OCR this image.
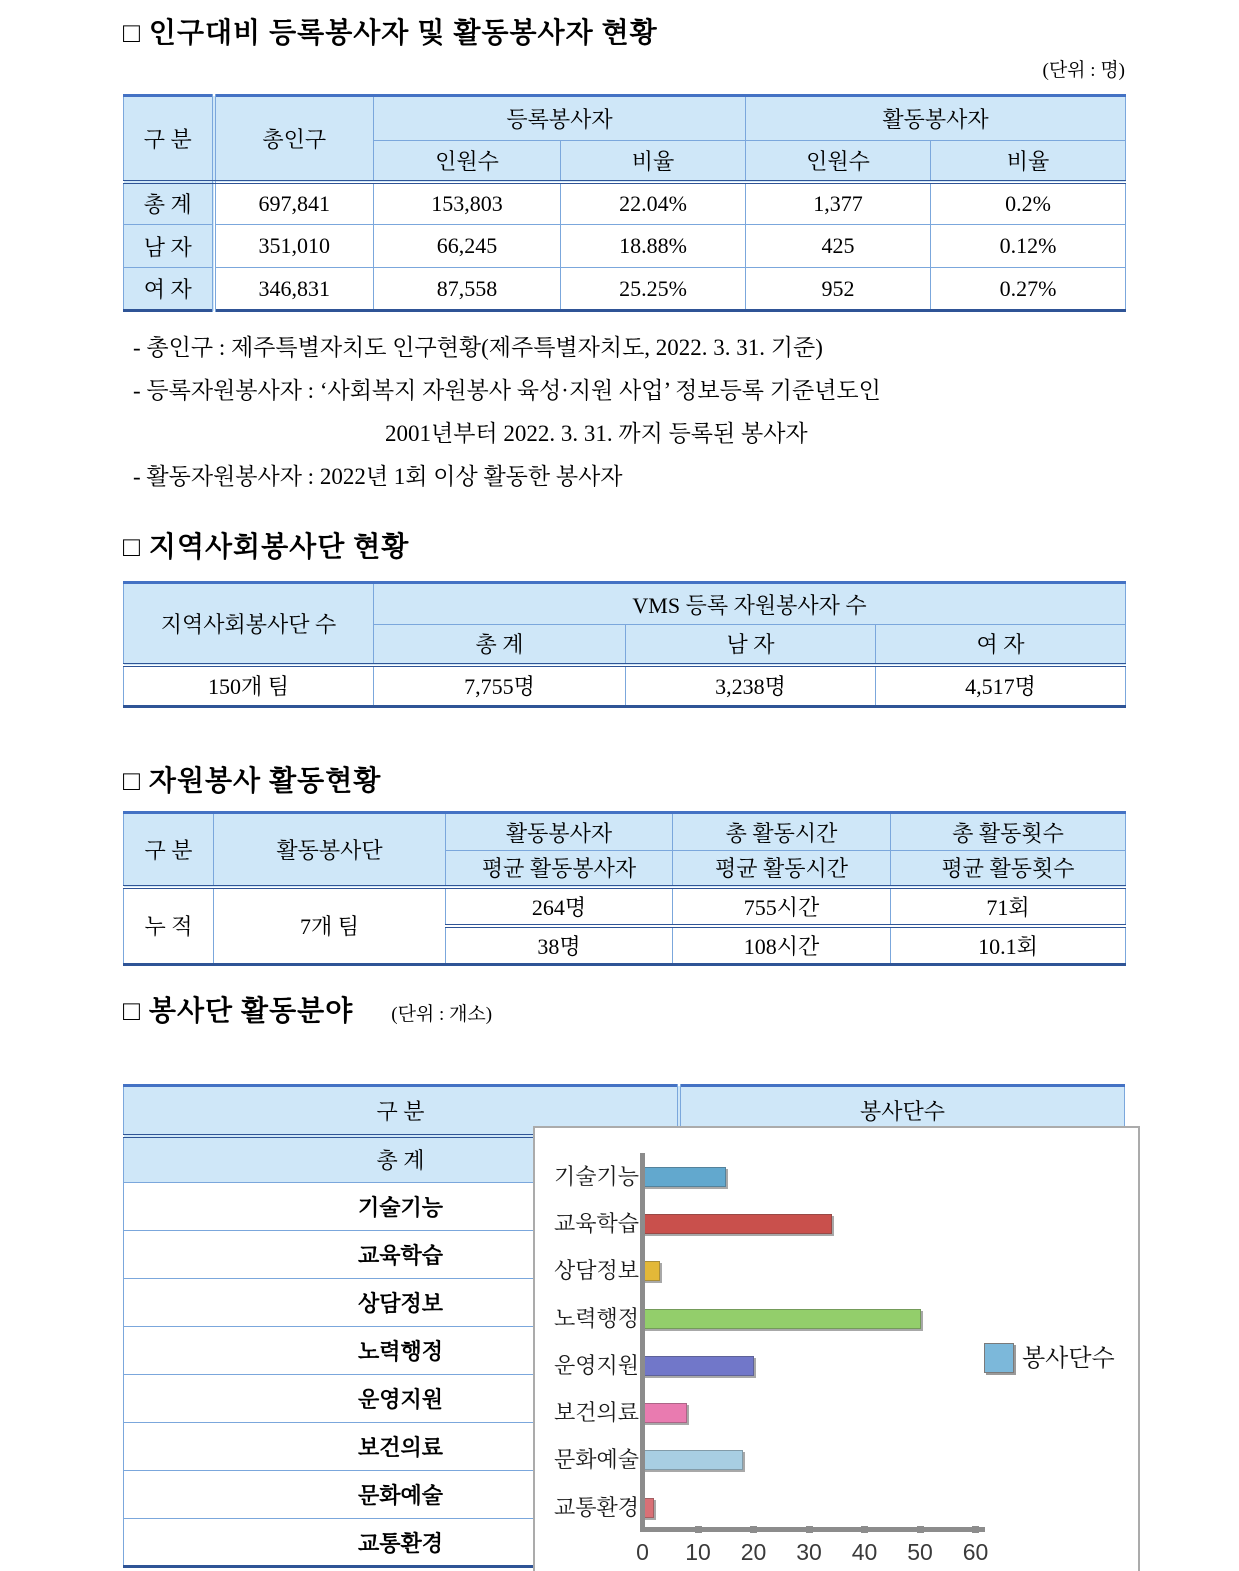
□ 인구대비 등록봉사자 및 활동봉사자 현황
(단위 : 명)
구 분	총인구	등록봉사자		활동봉사자	
		인원수	비율	인원수	비율
총 계	697,841	153,803	22.04%	1,377	0.2%
남 자	351,010	66,245	18.88%	425	0.12%
여 자	346,831	87,558	25.25%	952	0.27%
- 총인구 : 제주특별자치도 인구현황(제주특별자치도, 2022. 3. 31. 기준)
- 등록자원봉사자 : ‘사회복지 자원봉사 육성·지원 사업’ 정보등록 기준년도인
2001년부터 2022. 3. 31. 까지 등록된 봉사자
- 활동자원봉사자 : 2022년 1회 이상 활동한 봉사자
□ 지역사회봉사단 현황
지역사회봉사단 수	VMS 등록 자원봉사자 수		
	총 계	남 자	여 자
150개 팀	7,755명	3,238명	4,517명
□ 자원봉사 활동현황
구 분	활동봉사단	활동봉사자	총 활동시간	총 활동횟수
		평균 활동봉사자	평균 활동시간	평균 활동횟수
누 적	7개 팀	264명	755시간	71회
		38명	108시간	10.1회
□ 봉사단 활동분야 (단위 : 개소)
구 분	봉사단수
총 계	
기술기능	
교육학습	
상담정보	
노력행정	
운영지원	
보건의료	
문화예술	
교통환경	
기술기능
교육학습
상담정보
노력행정
운영지원
보건의료
문화예술
교통환경
0	10	20	30	40	50	60
봉사단수
